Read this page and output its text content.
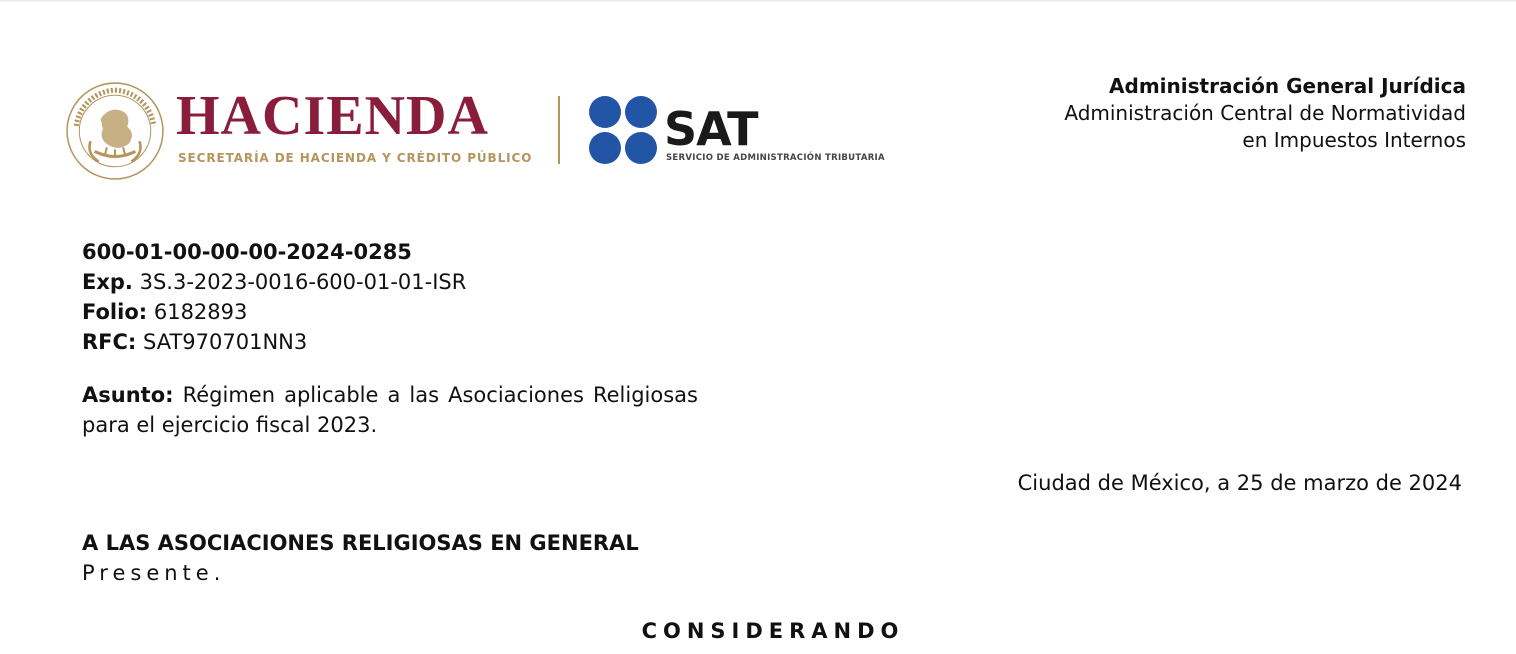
HACIENDA
SECRETARÍA DE HACIENDA Y CRÉDITO PÚBLICO
SAT
SERVICIO DE ADMINISTRACIÓN TRIBUTARIA
Administración General Jurídica
Administración Central de Normatividad
en Impuestos Internos
600-01-00-00-00-2024-0285
Exp. 3S.3-2023-0016-600-01-01-ISR
Folio: 6182893
RFC: SAT970701NN3
Asunto: Régimen aplicable a las Asociaciones Religiosas para el ejercicio fiscal 2023.
Ciudad de México, a 25 de marzo de 2024
A LAS ASOCIACIONES RELIGIOSAS EN GENERAL
Presente.
CONSIDERANDO
